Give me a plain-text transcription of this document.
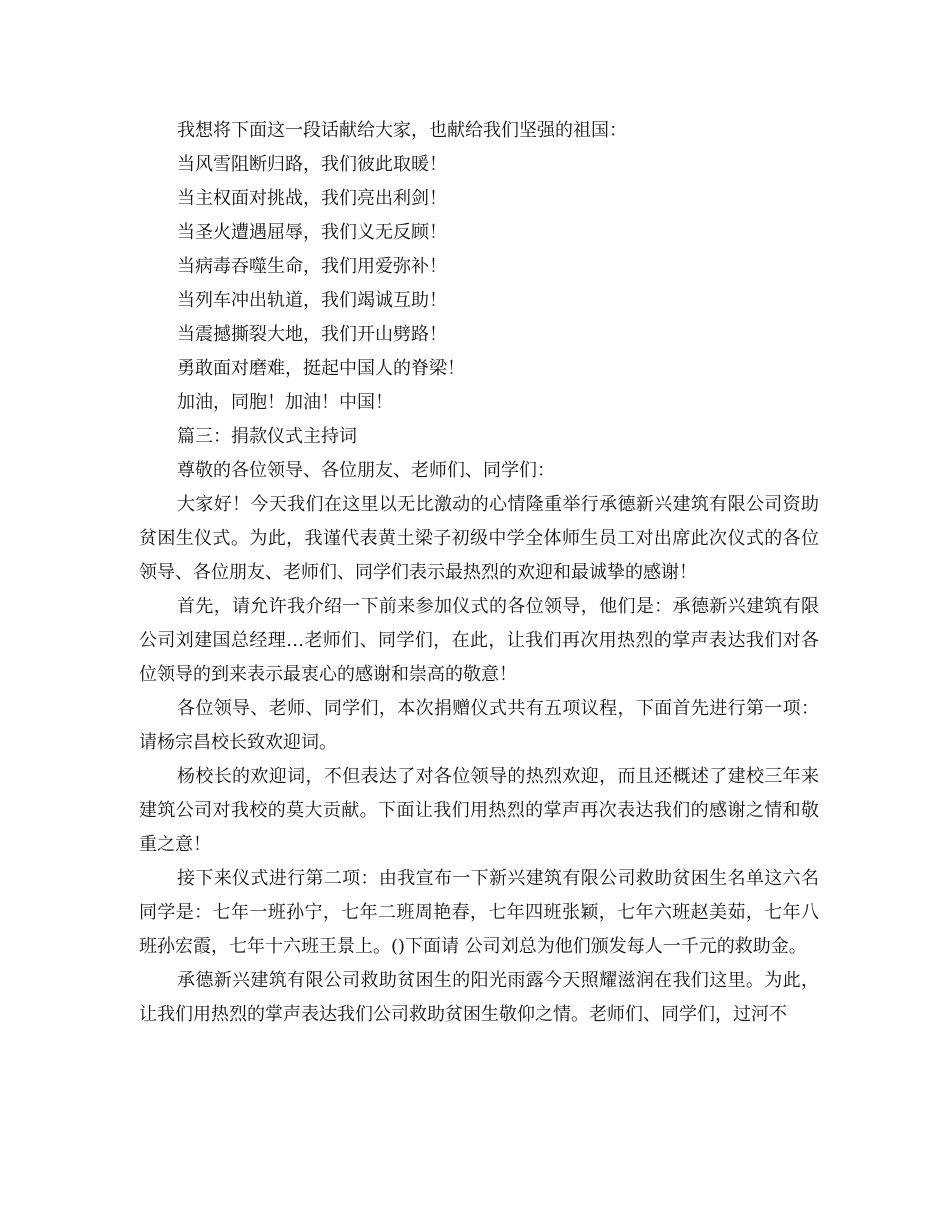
我想将下面这一段话献给大家，也献给我们坚强的祖国：
当风雪阻断归路，我们彼此取暖！
当主权面对挑战，我们亮出利剑！
当圣火遭遇屈辱，我们义无反顾！
当病毒吞噬生命，我们用爱弥补！
当列车冲出轨道，我们竭诚互助！
当震撼撕裂大地，我们开山劈路！
勇敢面对磨难，挺起中国人的脊梁！
加油，同胞！加油！中国！
篇三：捐款仪式主持词
尊敬的各位领导、各位朋友、老师们、同学们：
大家好！今天我们在这里以无比激动的心情隆重举行承德新兴建筑有限公司资助贫困生仪式。为此，我谨代表黄土梁子初级中学全体师生员工对出席此次仪式的各位领导、各位朋友、老师们、同学们表示最热烈的欢迎和最诚挚的感谢！
首先，请允许我介绍一下前来参加仪式的各位领导，他们是：承德新兴建筑有限公司刘建国总经理…老师们、同学们，在此，让我们再次用热烈的掌声表达我们对各位领导的到来表示最衷心的感谢和崇高的敬意！
各位领导、老师、同学们，本次捐赠仪式共有五项议程，下面首先进行第一项：请杨宗昌校长致欢迎词。
杨校长的欢迎词，不但表达了对各位领导的热烈欢迎，而且还概述了建校三年来建筑公司对我校的莫大贡献。下面让我们用热烈的掌声再次表达我们的感谢之情和敬重之意！
接下来仪式进行第二项：由我宣布一下新兴建筑有限公司救助贫困生名单这六名同学是：七年一班孙宁，七年二班周艳春，七年四班张颖，七年六班赵美茹，七年八班孙宏霞，七年十六班王景上。()下面请 公司刘总为他们颁发每人一千元的救助金。
承德新兴建筑有限公司救助贫困生的阳光雨露今天照耀滋润在我们这里。为此，让我们用热烈的掌声表达我们公司救助贫困生敬仰之情。老师们、同学们，过河不
